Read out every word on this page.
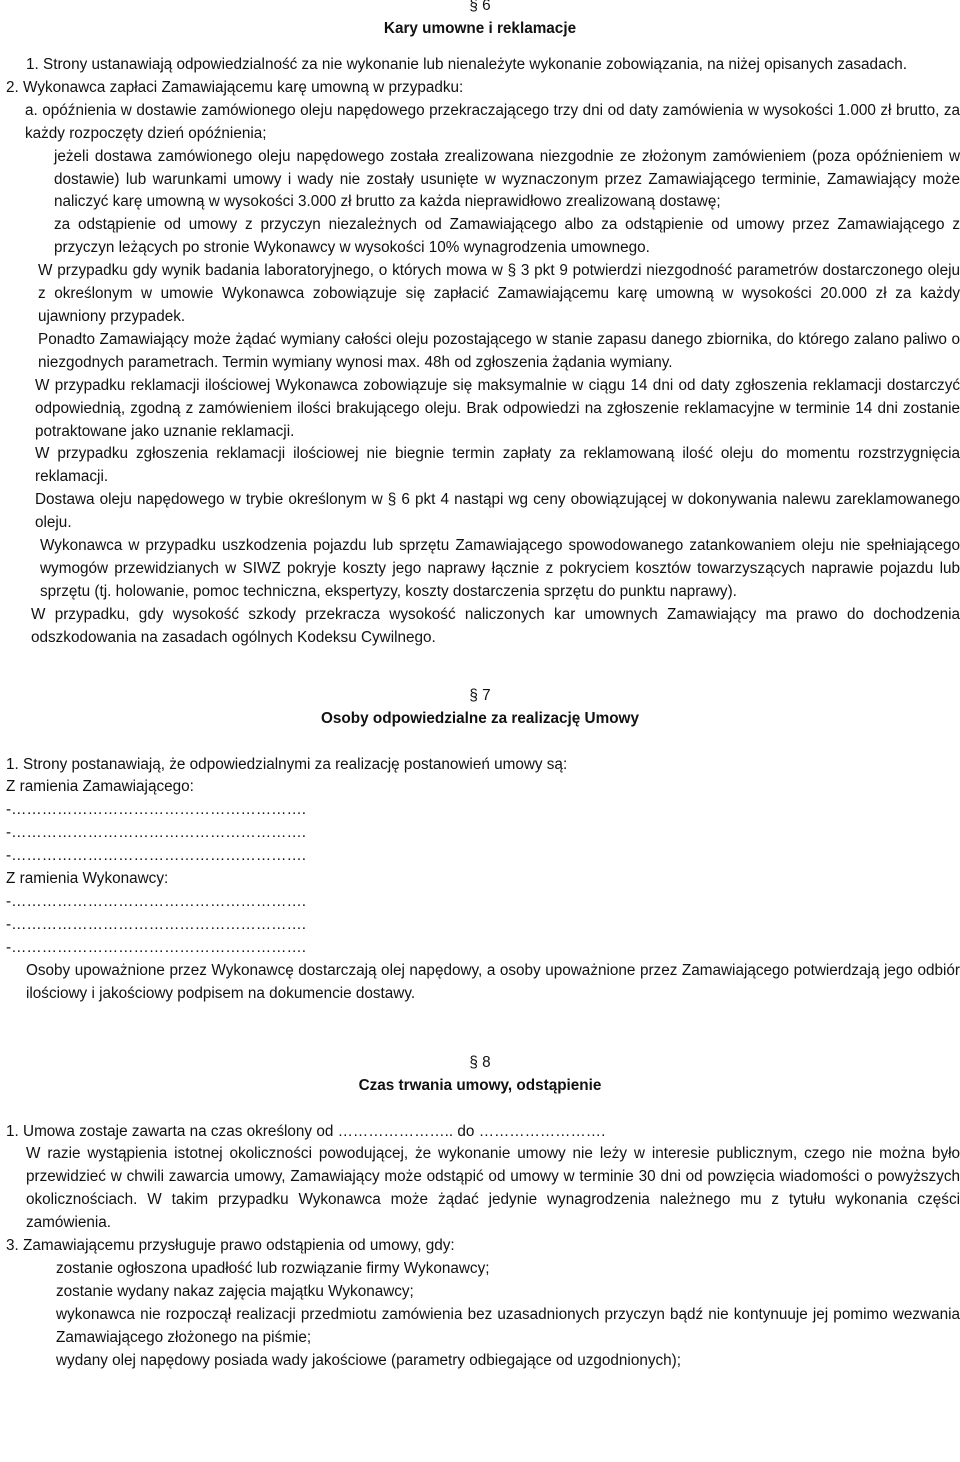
§ 6
Kary umowne i reklamacje
1. Strony ustanawiają odpowiedzialność za nie wykonanie lub nienależyte wykonanie zobowiązania, na niżej opisanych zasadach.
2. Wykonawca zapłaci Zamawiającemu karę umowną w przypadku:
a. opóźnienia w dostawie zamówionego oleju napędowego przekraczającego trzy dni od daty zamówienia w wysokości 1.000 zł brutto, za każdy rozpoczęty dzień opóźnienia;
jeżeli dostawa zamówionego oleju napędowego została zrealizowana niezgodnie ze złożonym zamówieniem (poza opóźnieniem w dostawie) lub warunkami umowy i wady nie zostały usunięte w wyznaczonym przez Zamawiającego terminie, Zamawiający może naliczyć karę umowną w wysokości 3.000 zł brutto za każda nieprawidłowo zrealizowaną dostawę;
za odstąpienie od umowy z przyczyn niezależnych od Zamawiającego albo za odstąpienie od umowy przez Zamawiającego z przyczyn leżących po stronie Wykonawcy w wysokości 10% wynagrodzenia umownego.
W przypadku gdy wynik badania laboratoryjnego, o których mowa w § 3 pkt 9 potwierdzi niezgodność parametrów dostarczonego oleju z określonym w umowie Wykonawca zobowiązuje się zapłacić Zamawiającemu karę umowną w wysokości 20.000 zł za każdy ujawniony przypadek.
Ponadto Zamawiający może żądać wymiany całości oleju pozostającego w stanie zapasu danego zbiornika, do którego zalano paliwo o niezgodnych parametrach. Termin wymiany wynosi max. 48h od zgłoszenia żądania wymiany.
W przypadku reklamacji ilościowej Wykonawca zobowiązuje się maksymalnie w ciągu 14 dni od daty zgłoszenia reklamacji dostarczyć odpowiednią, zgodną z zamówieniem ilości brakującego oleju. Brak odpowiedzi na zgłoszenie reklamacyjne w terminie 14 dni zostanie potraktowane jako uznanie reklamacji.
W przypadku zgłoszenia reklamacji ilościowej nie biegnie termin zapłaty za reklamowaną ilość oleju do momentu rozstrzygnięcia reklamacji.
Dostawa oleju napędowego w trybie określonym w § 6 pkt 4 nastąpi wg ceny obowiązującej w dokonywania nalewu zareklamowanego oleju.
Wykonawca w przypadku uszkodzenia pojazdu lub sprzętu Zamawiającego spowodowanego zatankowaniem oleju nie spełniającego wymogów przewidzianych w SIWZ pokryje koszty jego naprawy łącznie z pokryciem kosztów towarzyszących naprawie pojazdu lub sprzętu (tj. holowanie, pomoc techniczna, ekspertyzy, koszty dostarczenia sprzętu do punktu naprawy).
W przypadku, gdy wysokość szkody przekracza wysokość naliczonych kar umownych Zamawiający ma prawo do dochodzenia odszkodowania na zasadach ogólnych Kodeksu Cywilnego.
§ 7
Osoby odpowiedzialne za realizację Umowy
1. Strony postanawiają, że odpowiedzialnymi za realizację postanowień umowy są:
Z ramienia Zamawiającego:
-………………………………………………….
-………………………………………………….
-………………………………………………….
Z ramienia Wykonawcy:
-………………………………………………….
-………………………………………………….
-………………………………………………….
Osoby upoważnione przez Wykonawcę dostarczają olej napędowy, a osoby upoważnione przez Zamawiającego potwierdzają jego odbiór ilościowy i jakościowy podpisem na dokumencie dostawy.
§ 8
Czas trwania umowy, odstąpienie
1. Umowa zostaje zawarta na czas określony od ………………….. do …………………….
W razie wystąpienia istotnej okoliczności powodującej, że wykonanie umowy nie leży w interesie publicznym, czego nie można było przewidzieć w chwili zawarcia umowy, Zamawiający może odstąpić od umowy w terminie 30 dni od powzięcia wiadomości o powyższych okolicznościach. W takim przypadku Wykonawca może żądać jedynie wynagrodzenia należnego mu z tytułu wykonania części zamówienia.
3. Zamawiającemu przysługuje prawo odstąpienia od umowy, gdy:
zostanie ogłoszona upadłość lub rozwiązanie firmy Wykonawcy;
zostanie wydany nakaz zajęcia majątku Wykonawcy;
wykonawca nie rozpoczął realizacji przedmiotu zamówienia bez uzasadnionych przyczyn bądź nie kontynuuje jej pomimo wezwania Zamawiającego złożonego na piśmie;
wydany olej napędowy posiada wady jakościowe (parametry odbiegające od uzgodnionych);
